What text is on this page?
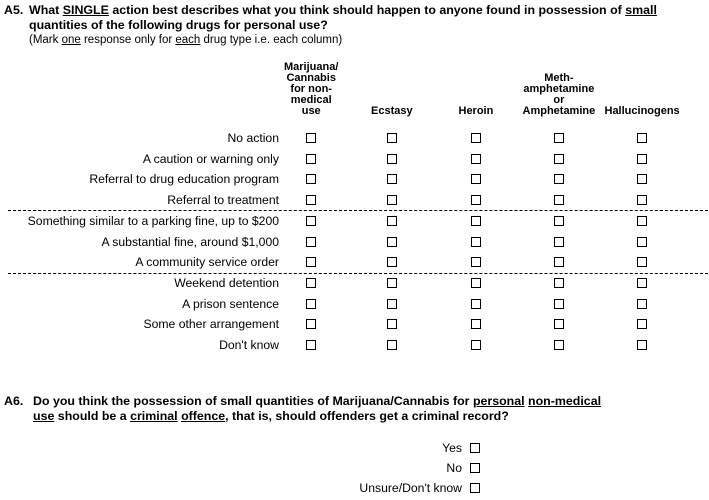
A5. What SINGLE action best describes what you think should happen to anyone found in possession of small
quantities of the following drugs for personal use?
(Mark one response only for each drug type i.e. each column)
Marijuana/
Cannabis
for non-
medical
use	Ecstasy	Heroin
Meth-
amphetamine
or
Amphetamine Hallucinogens
No action
A caution or warning only
Referral to drug education program
Referral to treatment
Something similar to a parking fine, up to $200
A substantial fine, around $1,000
A community service order
Weekend detention
A prison sentence
Some other arrangement
Don't know
A6. Do you think the possession of small quantities of Marijuana/Cannabis for personal non-medical
use should be a criminal offence, that is, should offenders get a criminal record?
Yes
No
Unsure/Don't know
